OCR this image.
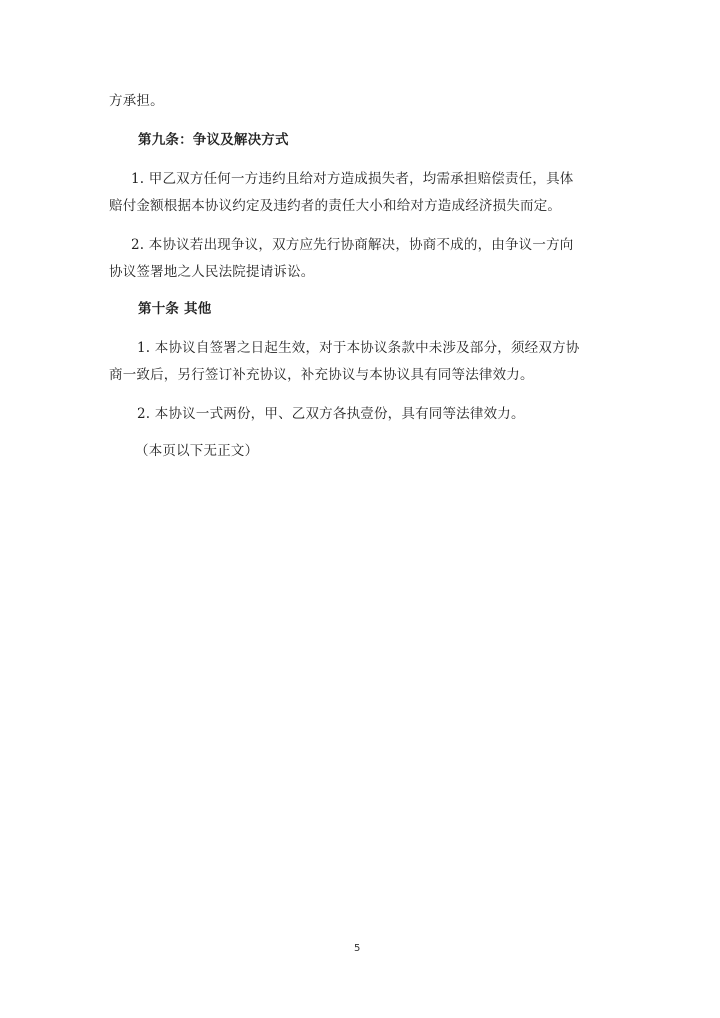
方承担。
第九条：争议及解决方式
1. 甲乙双方任何一方违约且给对方造成损失者，均需承担赔偿责任，具体
赔付金额根据本协议约定及违约者的责任大小和给对方造成经济损失而定。
2. 本协议若出现争议，双方应先行协商解决，协商不成的，由争议一方向
协议签署地之人民法院提请诉讼。
第十条 其他
1. 本协议自签署之日起生效，对于本协议条款中未涉及部分，须经双方协
商一致后，另行签订补充协议，补充协议与本协议具有同等法律效力。
2. 本协议一式两份，甲、乙双方各执壹份，具有同等法律效力。
（本页以下无正文）
5
